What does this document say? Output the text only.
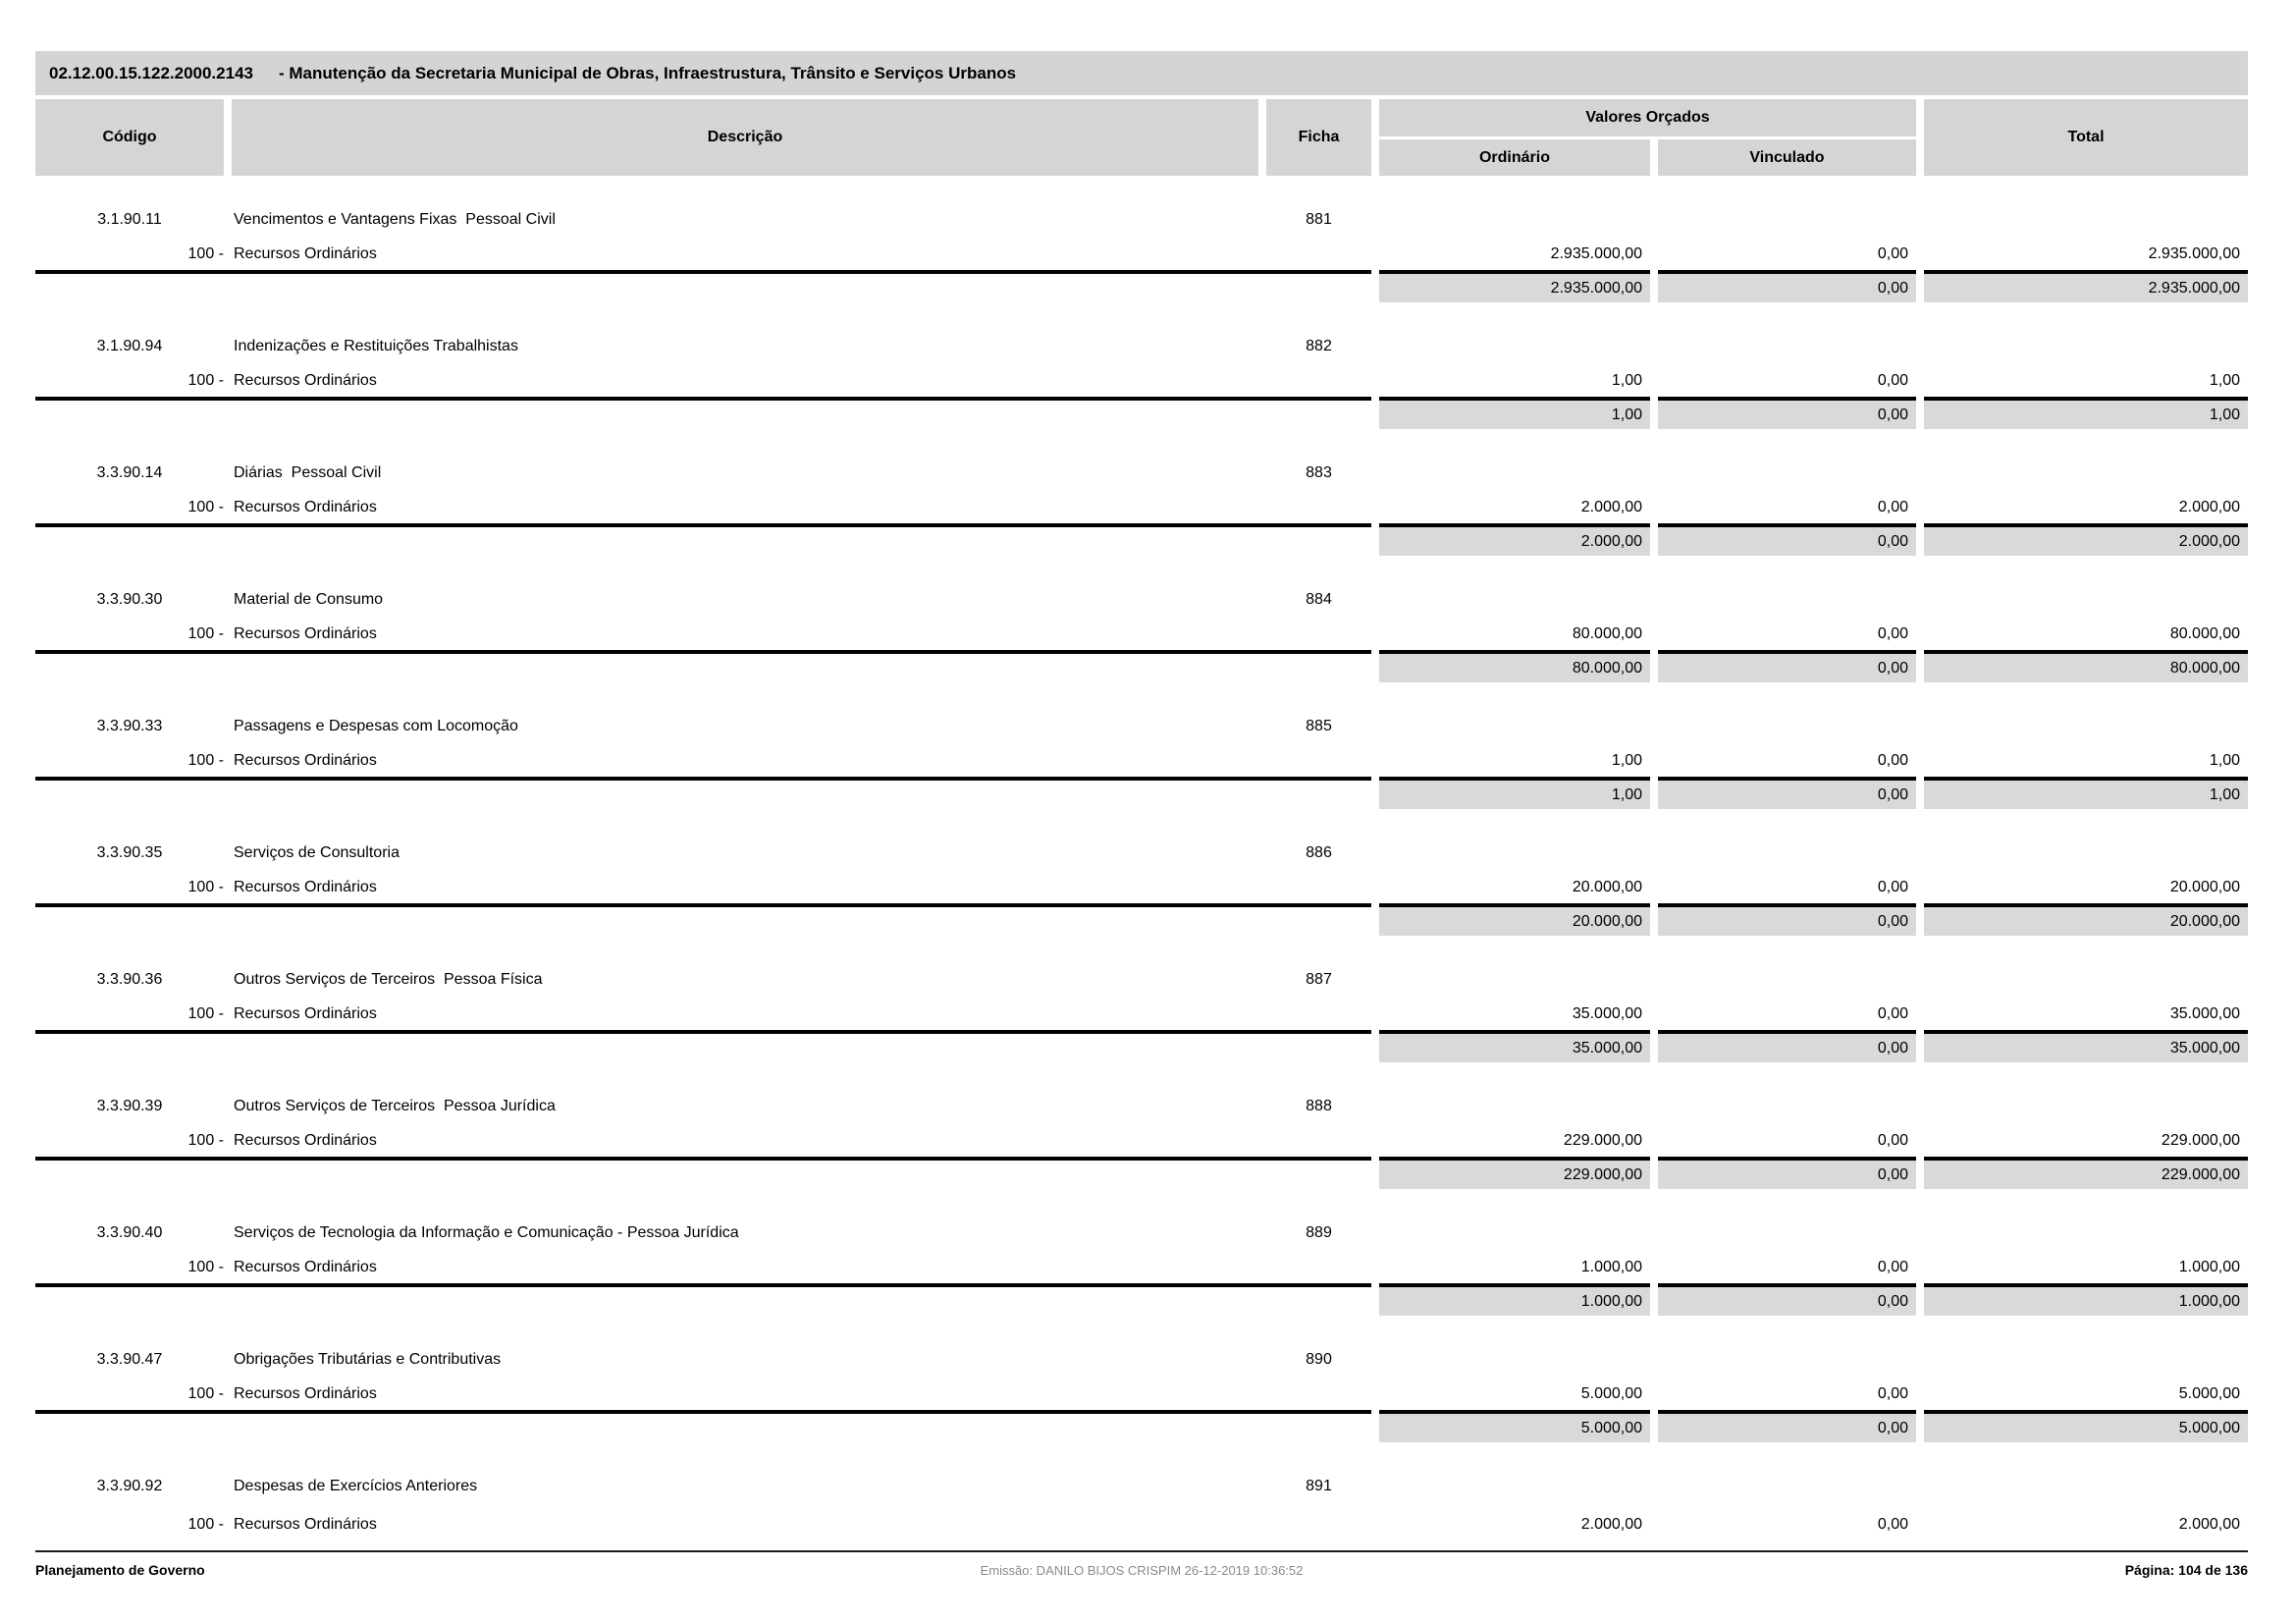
02.12.00.15.122.2000.2143 - Manutenção da Secretaria Municipal de Obras, Infraestrustura, Trânsito e Serviços Urbanos
Código	Descrição	Ficha
Valores Orçados
Ordinário	Vinculado
Total
3.1.90.11	Vencimentos e Vantagens Fixas  Pessoal Civil	881
100 - Recursos Ordinários	2.935.000,00	0,00	2.935.000,00
2.935.000,00	0,00	2.935.000,00
3.1.90.94	Indenizações e Restituições Trabalhistas	882
100 - Recursos Ordinários	1,00	0,00	1,00
1,00	0,00	1,00
3.3.90.14	Diárias  Pessoal Civil	883
100 - Recursos Ordinários	2.000,00	0,00	2.000,00
2.000,00	0,00	2.000,00
3.3.90.30	Material de Consumo	884
100 - Recursos Ordinários	80.000,00	0,00	80.000,00
80.000,00	0,00	80.000,00
3.3.90.33	Passagens e Despesas com Locomoção	885
100 - Recursos Ordinários	1,00	0,00	1,00
1,00	0,00	1,00
3.3.90.35	Serviços de Consultoria	886
100 - Recursos Ordinários	20.000,00	0,00	20.000,00
20.000,00	0,00	20.000,00
3.3.90.36	Outros Serviços de Terceiros  Pessoa Física	887
100 - Recursos Ordinários	35.000,00	0,00	35.000,00
35.000,00	0,00	35.000,00
3.3.90.39	Outros Serviços de Terceiros  Pessoa Jurídica	888
100 - Recursos Ordinários	229.000,00	0,00	229.000,00
229.000,00	0,00	229.000,00
3.3.90.40	Serviços de Tecnologia da Informação e Comunicação - Pessoa Jurídica	889
100 - Recursos Ordinários	1.000,00	0,00	1.000,00
1.000,00	0,00	1.000,00
3.3.90.47	Obrigações Tributárias e Contributivas	890
100 - Recursos Ordinários	5.000,00	0,00	5.000,00
5.000,00	0,00	5.000,00
3.3.90.92	Despesas de Exercícios Anteriores	891
100 - Recursos Ordinários	2.000,00	0,00	2.000,00
Planejamento de Governo	Emissão: DANILO BIJOS CRISPIM 26-12-2019 10:36:52	Página: 104 de 136
